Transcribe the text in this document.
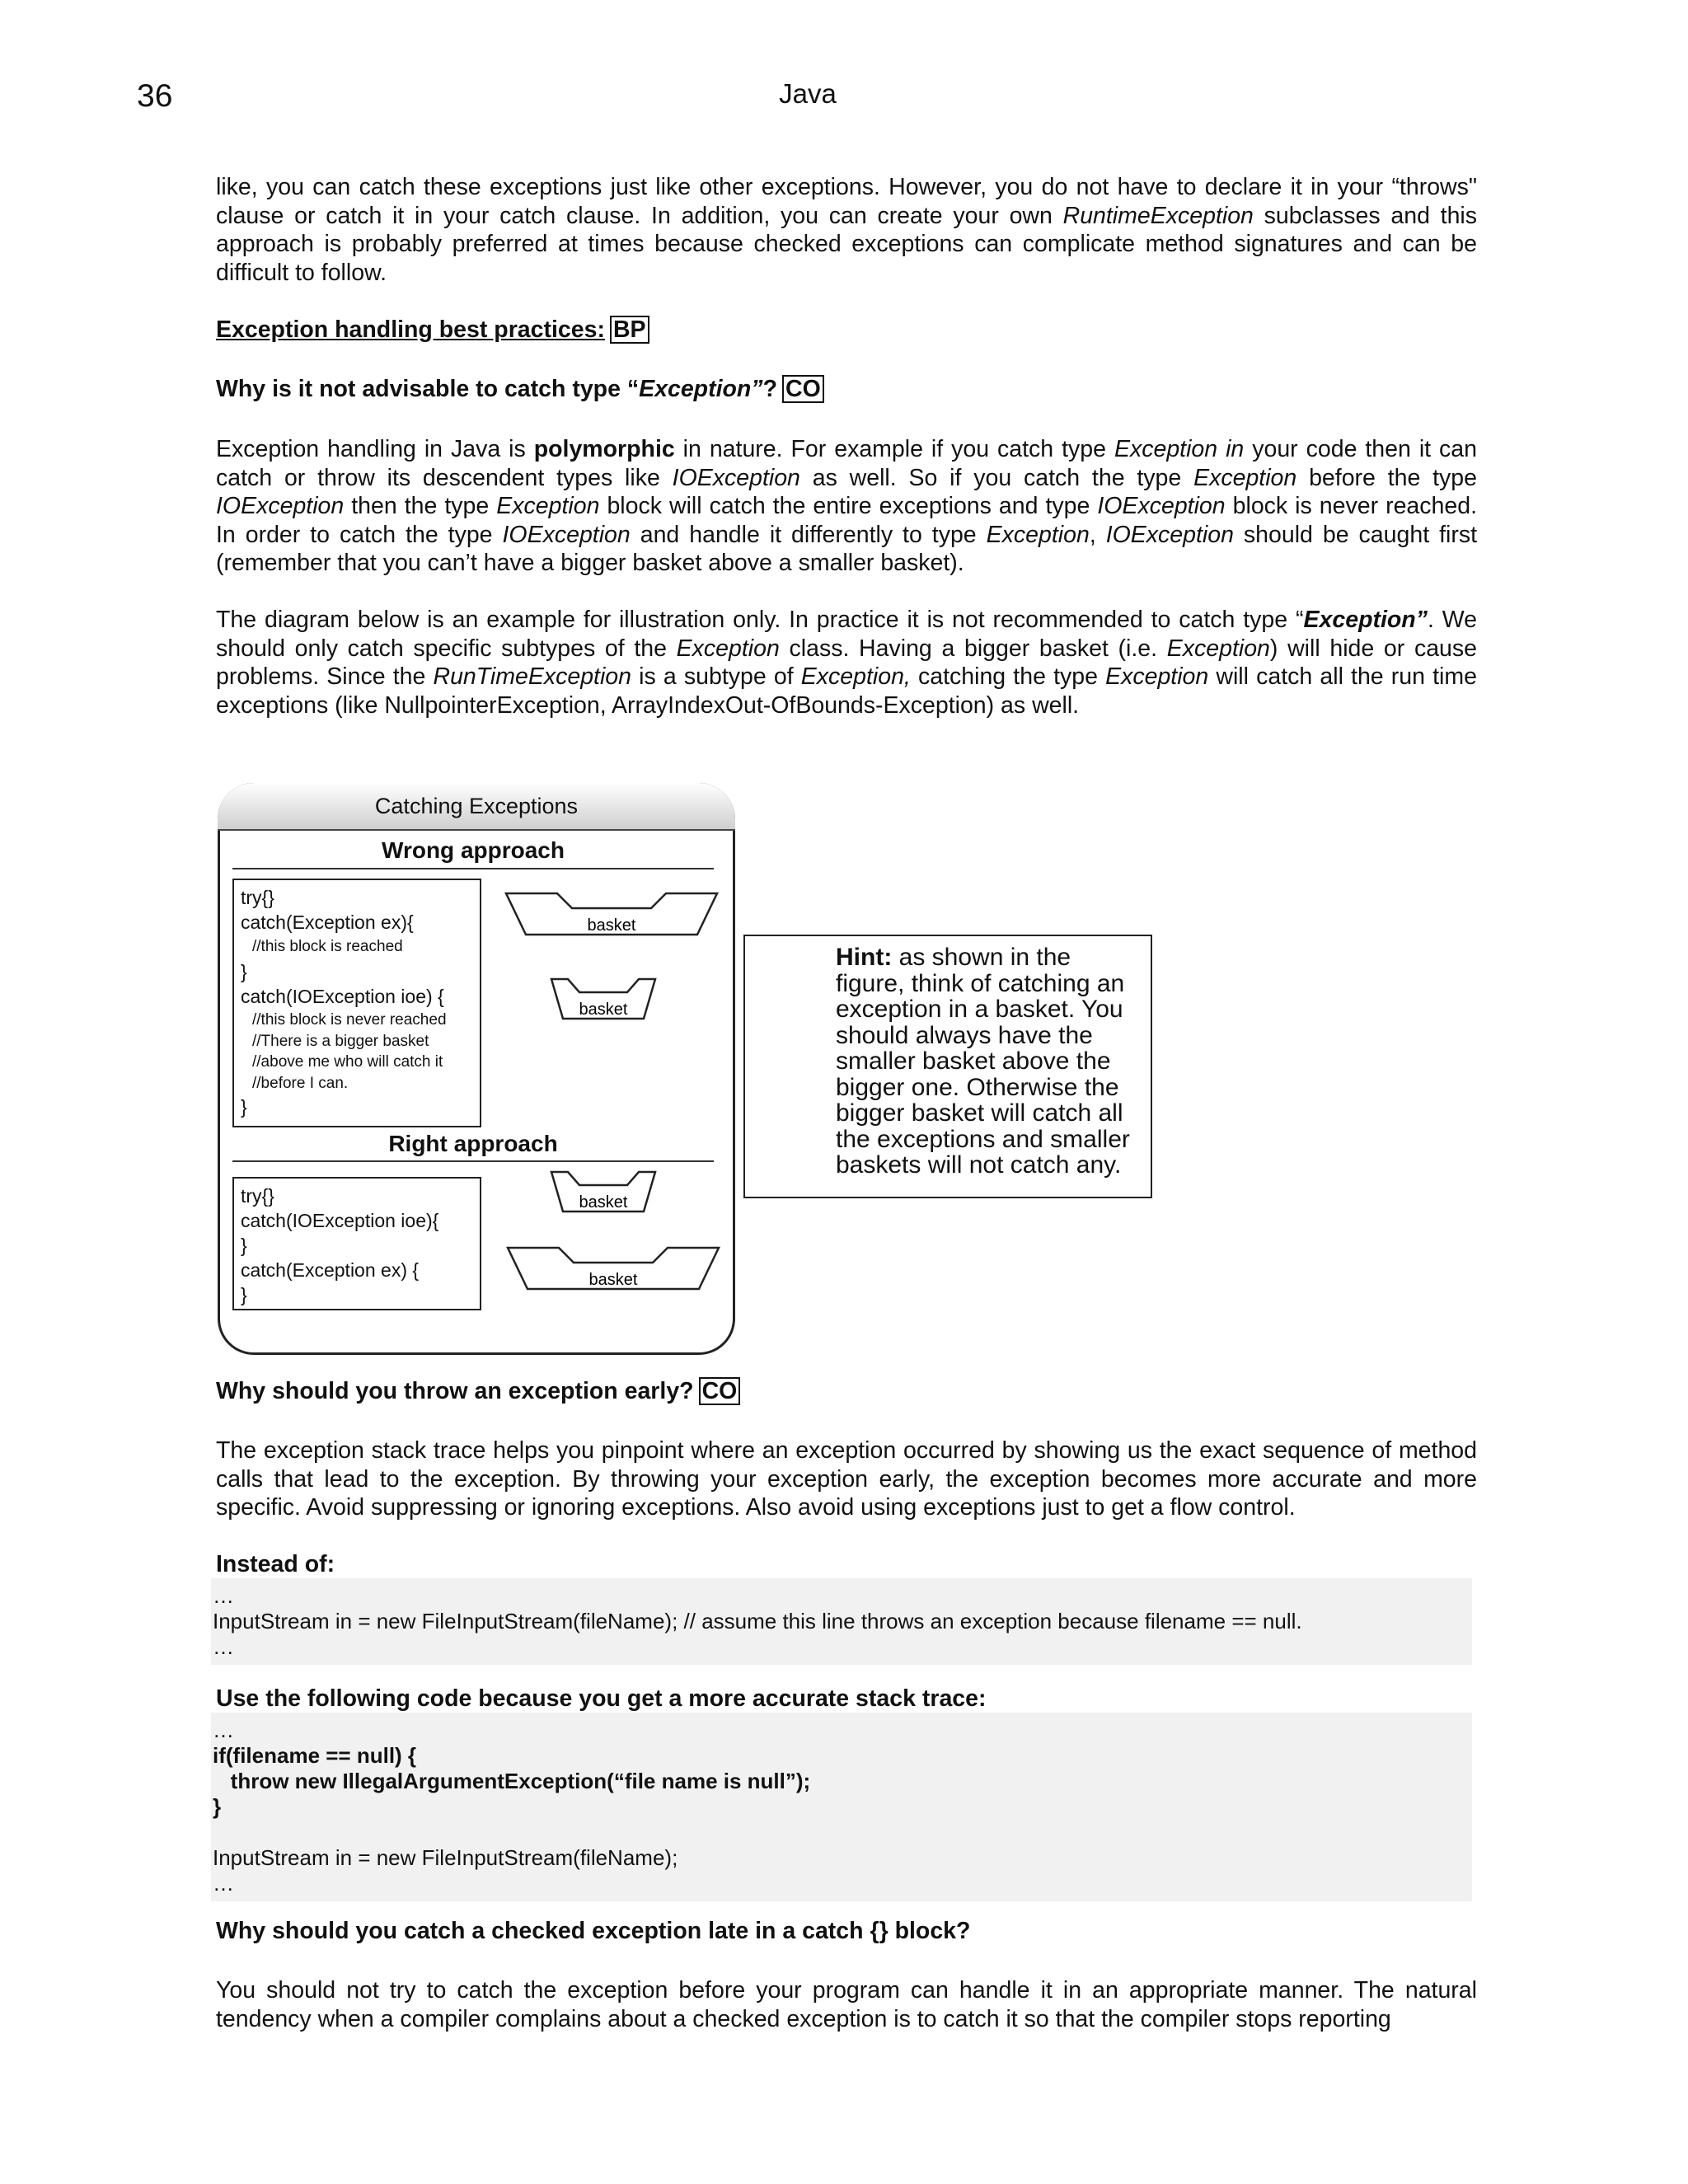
36	Java

like, you can catch these exceptions just like other exceptions. However, you do not have to declare it in your “throws" clause or catch it in your catch clause. In addition, you can create your own RuntimeException subclasses and this approach is probably preferred at times because checked exceptions can complicate method signatures and can be difficult to follow.

Exception handling best practices: BP
Why is it not advisable to catch type “Exception”? CO

Exception handling in Java is polymorphic in nature. For example if you catch type Exception in your code then it can catch or throw its descendent types like IOException as well. So if you catch the type Exception before the type IOException then the type Exception block will catch the entire exceptions and type IOException block is never reached. In order to catch the type IOException and handle it differently to type Exception, IOException should be caught first (remember that you can’t have a bigger basket above a smaller basket).

The diagram below is an example for illustration only. In practice it is not recommended to catch type “Exception”. We should only catch specific subtypes of the Exception class. Having a bigger basket (i.e. Exception) will hide or cause problems. Since the RunTimeException is a subtype of Exception, catching the type Exception will catch all the run time exceptions (like NullpointerException, ArrayIndexOut-OfBounds-Exception) as well.

Catching Exceptions
Wrong approach
try{}
catch(Exception ex){
//this block is reached
}
catch(IOException ioe) {
//this block is never reached
//There is a bigger basket
//above me who will catch it
//before I can.
}
basket
basket
Right approach
try{}
catch(IOException ioe){
}
catch(Exception ex) {
}
basket
basket
Hint: as shown in the figure, think of catching an exception in a basket. You should always have the smaller basket above the bigger one. Otherwise the bigger basket will catch all the exceptions and smaller baskets will not catch any.
Why should you throw an exception early? CO

The exception stack trace helps you pinpoint where an exception occurred by showing us the exact sequence of method calls that lead to the exception. By throwing your exception early, the exception becomes more accurate and more specific. Avoid suppressing or ignoring exceptions. Also avoid using exceptions just to get a flow control.

Instead of:
…
InputStream in = new FileInputStream(fileName); // assume this line throws an exception because filename == null.
…
Use the following code because you get a more accurate stack trace:
…
if(filename == null) {
throw new IllegalArgumentException(“file name is null”);
}

InputStream in = new FileInputStream(fileName);
…
Why should you catch a checked exception late in a catch {} block?

You should not try to catch the exception before your program can handle it in an appropriate manner. The natural tendency when a compiler complains about a checked exception is to catch it so that the compiler stops reporting
